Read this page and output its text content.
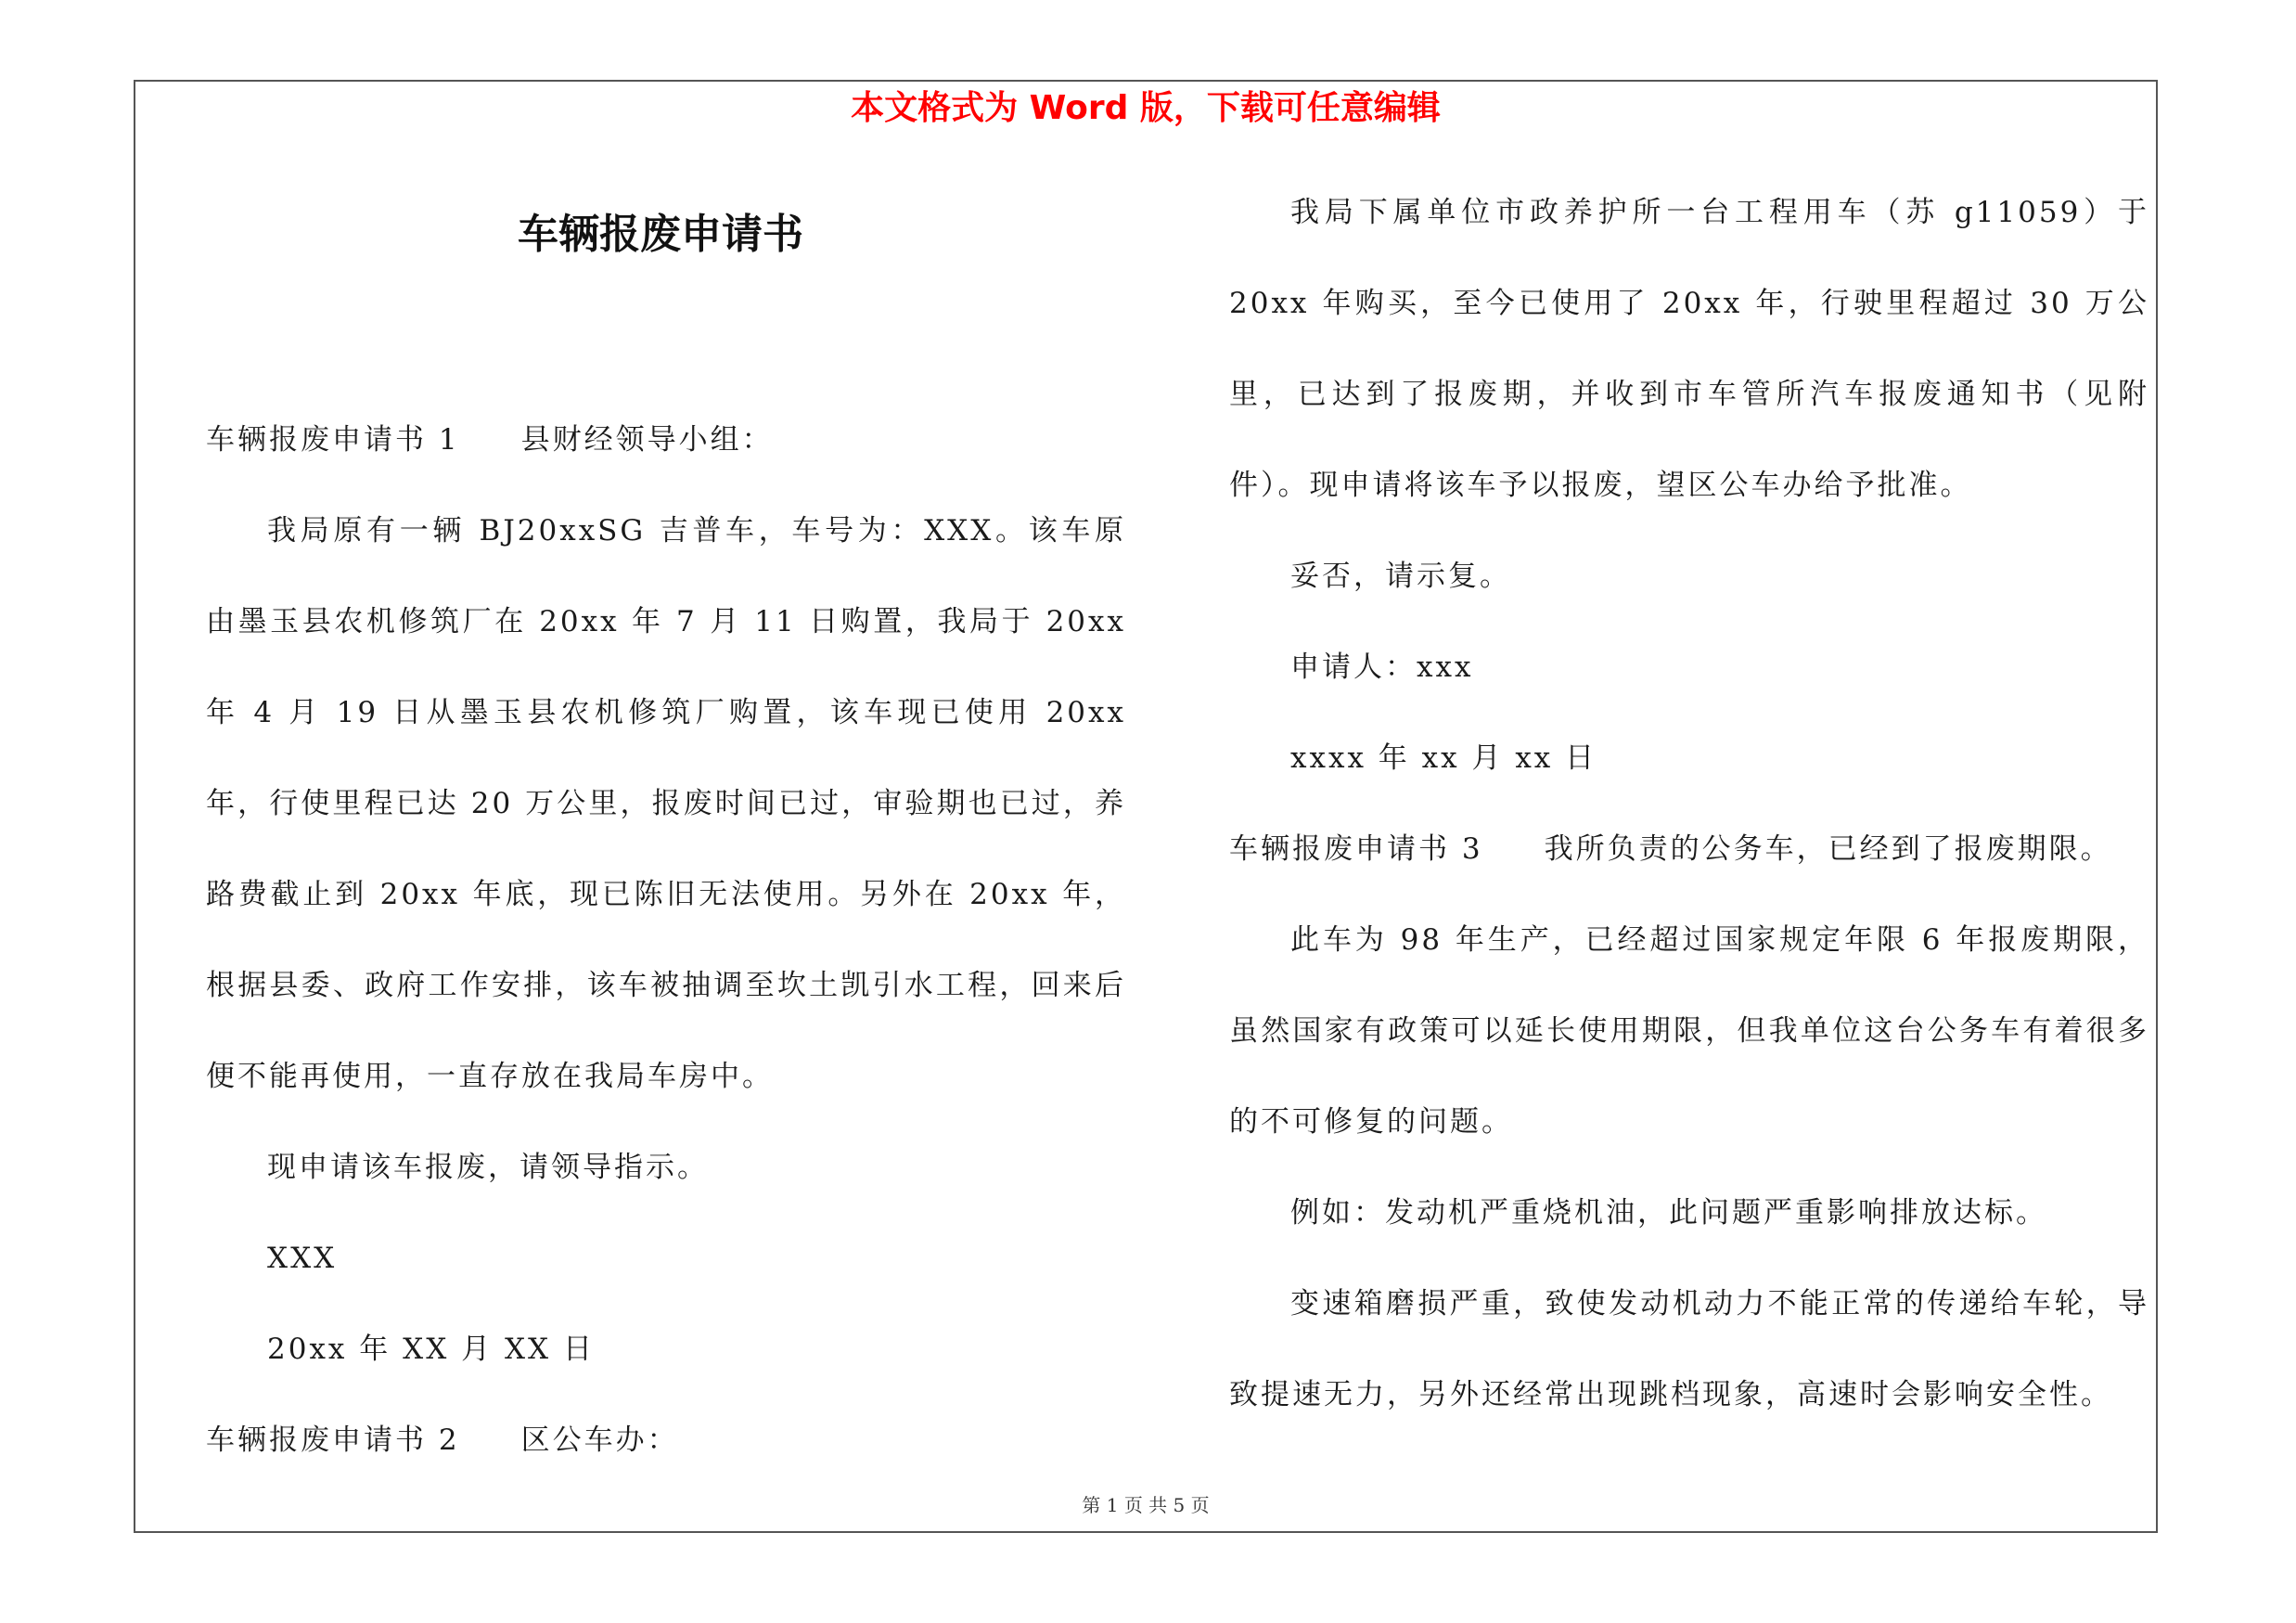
本文格式为 Word 版，下载可任意编辑
车辆报废申请书

车辆报废申请书 1 县财经领导小组：

我局原有一辆 BJ20xxSG 吉普车，车号为：XXX。该车原由墨玉县农机修筑厂在 20xx 年 7 月 11 日购置，我局于 20xx 年 4 月 19 日从墨玉县农机修筑厂购置，该车现已使用 20xx 年，行使里程已达 20 万公里，报废时间已过，审验期也已过，养路费截止到 20xx 年底，现已陈旧无法使用。另外在 20xx 年，根据县委、政府工作安排，该车被抽调至坎土凯引水工程，回来后便不能再使用，一直存放在我局车房中。

现申请该车报废，请领导指示。

XXX

20xx 年 XX 月 XX 日

车辆报废申请书 2 区公车办：

我局下属单位市政养护所一台工程用车（苏 g11059）于 20xx 年购买，至今已使用了 20xx 年，行驶里程超过 30 万公里，已达到了报废期，并收到市车管所汽车报废通知书（见附件）。现申请将该车予以报废，望区公车办给予批准。

妥否，请示复。

申请人：xxx

xxxx 年 xx 月 xx 日

车辆报废申请书 3 我所负责的公务车，已经到了报废期限。

此车为 98 年生产，已经超过国家规定年限 6 年报废期限，虽然国家有政策可以延长使用期限，但我单位这台公务车有着很多的不可修复的问题。

例如：发动机严重烧机油，此问题严重影响排放达标。

变速箱磨损严重，致使发动机动力不能正常的传递给车轮，导致提速无力，另外还经常出现跳档现象，高速时会影响安全性。

第 1 页 共 5 页
